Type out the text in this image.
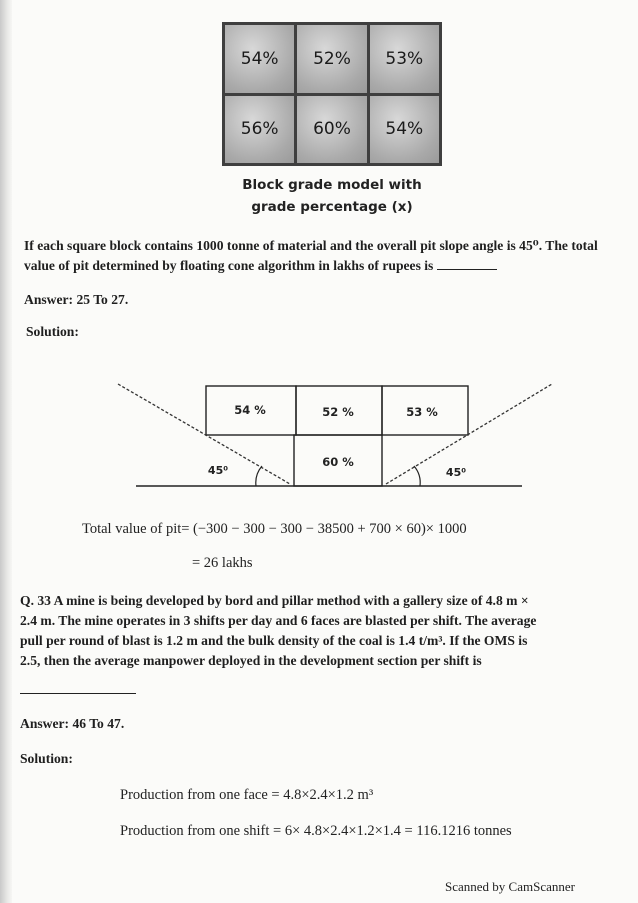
54%	52%	53%
56%	60%	54%
Block grade model with
grade percentage (x)
If each square block contains 1000 tonne of material and the overall pit slope angle is 45⁰. The total value of pit determined by floating cone algorithm in lakhs of rupees is
Answer: 25 To 27.
Solution:
54 %	52 %	53 %
60 %
45⁰	45⁰
Total value of pit= (−300 − 300 − 300 − 38500 + 700 × 60)× 1000
= 26 lakhs
Q. 33 A mine is being developed by bord and pillar method with a gallery size of 4.8 m ×
2.4 m. The mine operates in 3 shifts per day and 6 faces are blasted per shift. The average
pull per round of blast is 1.2 m and the bulk density of the coal is 1.4 t/m³. If the OMS is
2.5, then the average manpower deployed in the development section per shift is
Answer: 46 To 47.
Solution:
Production from one face = 4.8×2.4×1.2 m³
Production from one shift = 6× 4.8×2.4×1.2×1.4 = 116.1216 tonnes
Scanned by CamScanner
